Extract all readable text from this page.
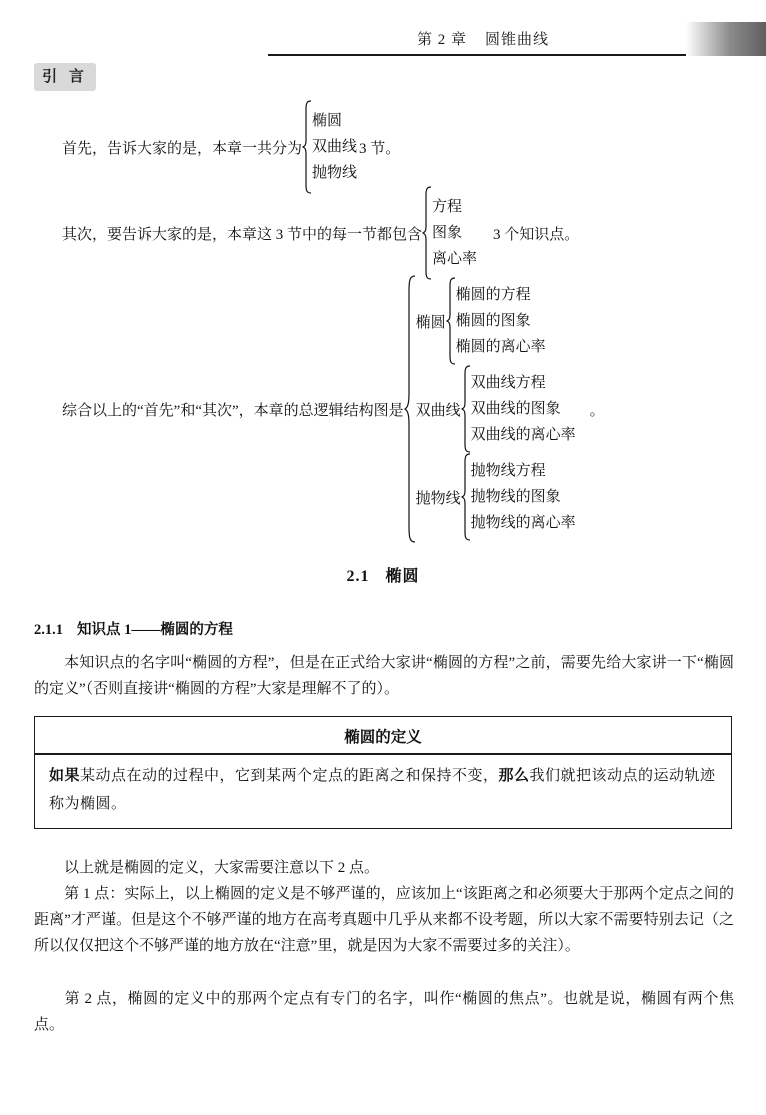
第 2 章 圆锥曲线
引 言
首先，告诉大家的是，本章一共分为
椭圆
双曲线
抛物线
3 节。
其次，要告诉大家的是，本章这 3 节中的每一节都包含
方程
图象
离心率
3 个知识点。
综合以上的“首先”和“其次”，本章的总逻辑结构图是
椭圆
椭圆的方程
椭圆的图象
椭圆的离心率
双曲线
双曲线方程
双曲线的图象
双曲线的离心率
抛物线
抛物线方程
抛物线的图象
抛物线的离心率
。
2.1 椭圆
2.1.1 知识点 1——椭圆的方程
本知识点的名字叫“椭圆的方程”，但是在正式给大家讲“椭圆的方程”之前，需要先给大家讲一下“椭圆的定义”（否则直接讲“椭圆的方程”大家是理解不了的）。
椭圆的定义
如果某动点在动的过程中，它到某两个定点的距离之和保持不变，那么我们就把该动点的运动轨迹称为椭圆。
以上就是椭圆的定义，大家需要注意以下 2 点。
第 1 点：实际上，以上椭圆的定义是不够严谨的，应该加上“该距离之和必须要大于那两个定点之间的距离”才严谨。但是这个不够严谨的地方在高考真题中几乎从来都不设考题，所以大家不需要特别去记（之所以仅仅把这个不够严谨的地方放在“注意”里，就是因为大家不需要过多的关注）。
第 2 点，椭圆的定义中的那两个定点有专门的名字，叫作“椭圆的焦点”。也就是说，椭圆有两个焦点。
